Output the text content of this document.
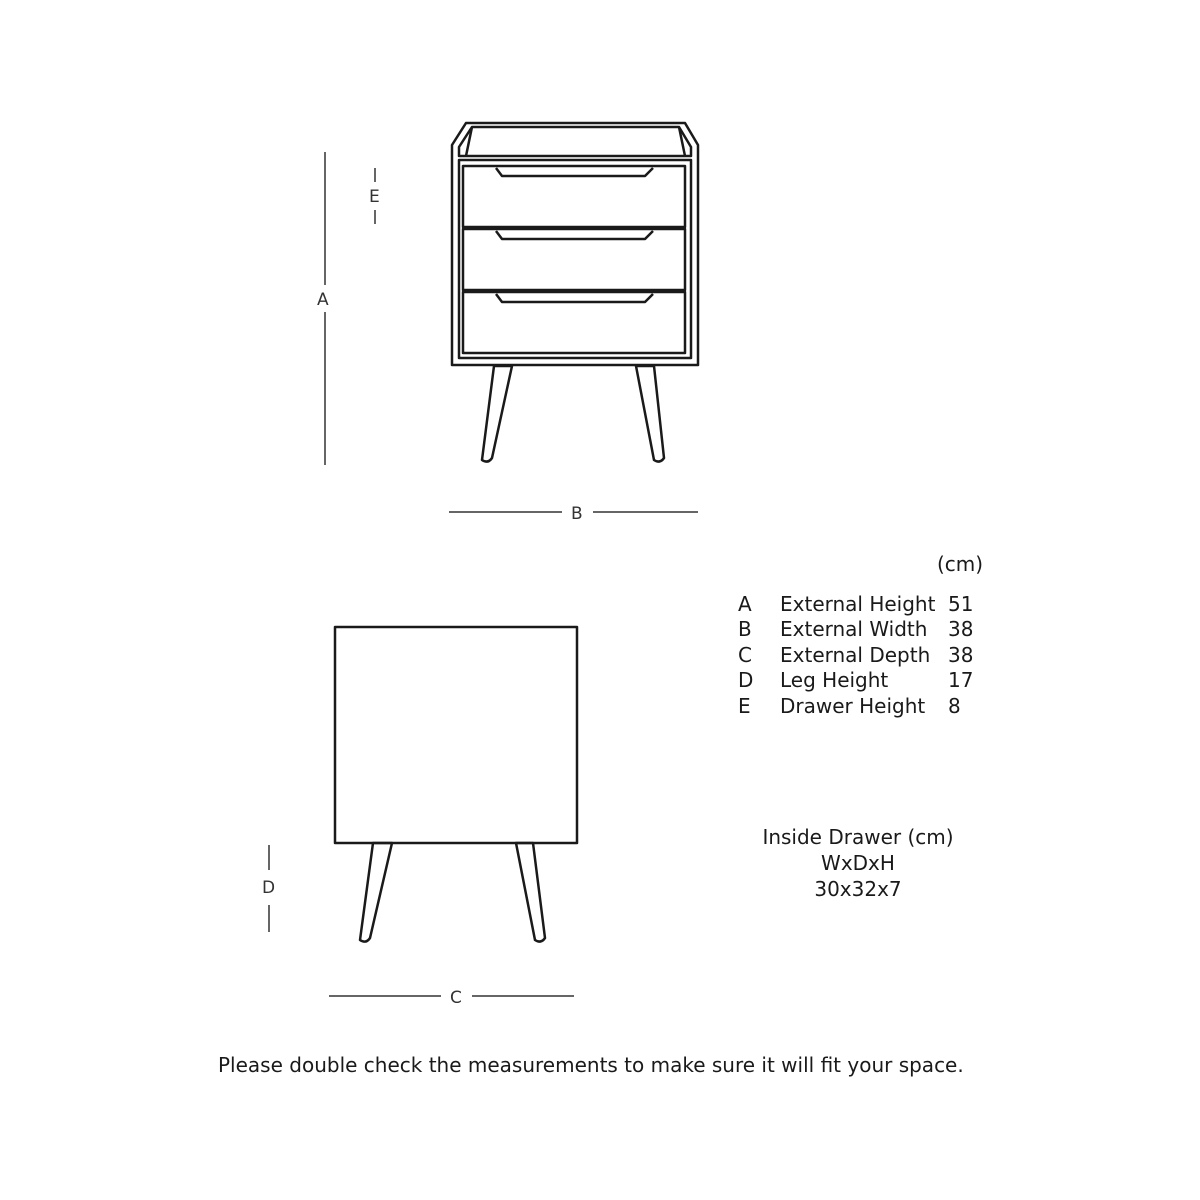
A
E
B
D
C
(cm)
A	External Height	51
B	External Width	38
C	External Depth	38
D	Leg Height	17
E	Drawer Height	8
Inside Drawer (cm)
WxDxH
30x32x7
Please double check the measurements to make sure it will fit your space.
